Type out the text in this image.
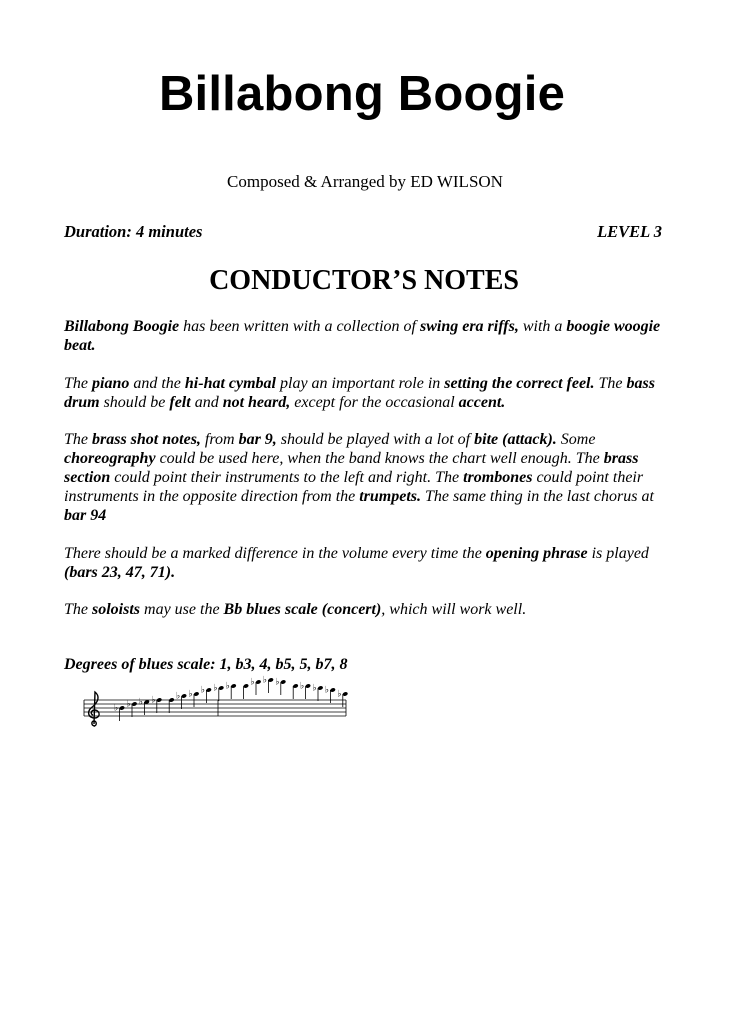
Billabong Boogie
Composed & Arranged by ED WILSON
Duration: 4 minutes	LEVEL 3
CONDUCTOR’S NOTES

Billabong Boogie has been written with a collection of swing era riffs, with a boogie woogie beat.

The piano and the hi-hat cymbal play an important role in setting the correct feel. The bass drum should be felt and not heard, except for the occasional accent.

The brass shot notes, from bar 9, should be played with a lot of bite (attack). Some choreography could be used here, when the band knows the chart well enough. The brass section could point their instruments to the left and right. The trombones could point their instruments in the opposite direction from the trumpets. The same thing in the last chorus at bar 94

There should be a marked difference in the volume every time the opening phrase is played (bars 23, 47, 71).

The soloists may use the Bb blues scale (concert), which will work well.

Degrees of blues scale: 1, b3, 4, b5, 5, b7, 8
♭ ♭ ♭ ♭ ♭ ♭ ♭ ♭ ♭ ♭ ♭ ♭ ♭ ♭ ♭ ♭
